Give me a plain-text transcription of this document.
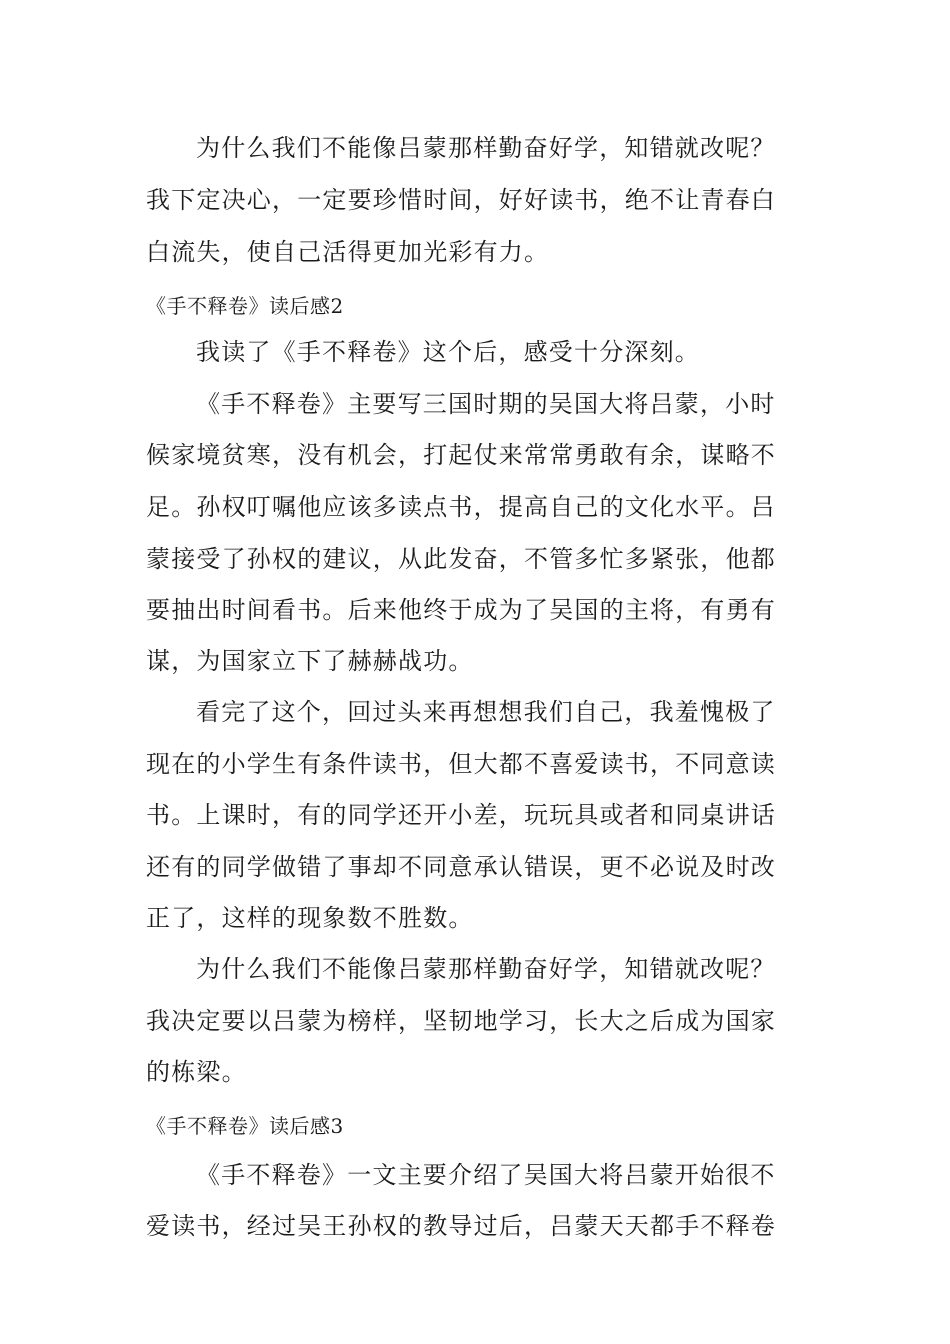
为什么我们不能像吕蒙那样勤奋好学，知错就改呢？
我下定决心，一定要珍惜时间，好好读书，绝不让青春白
白流失，使自己活得更加光彩有力。
《手不释卷》读后感2
我读了《手不释卷》这个后，感受十分深刻。
《手不释卷》主要写三国时期的吴国大将吕蒙，小时
候家境贫寒，没有机会，打起仗来常常勇敢有余，谋略不
足。孙权叮嘱他应该多读点书，提高自己的文化水平。吕
蒙接受了孙权的建议，从此发奋，不管多忙多紧张，他都
要抽出时间看书。后来他终于成为了吴国的主将，有勇有
谋，为国家立下了赫赫战功。
看完了这个，回过头来再想想我们自己，我羞愧极了
现在的小学生有条件读书，但大都不喜爱读书，不同意读
书。上课时，有的同学还开小差，玩玩具或者和同桌讲话
还有的同学做错了事却不同意承认错误，更不必说及时改
正了，这样的现象数不胜数。
为什么我们不能像吕蒙那样勤奋好学，知错就改呢？
我决定要以吕蒙为榜样，坚韧地学习，长大之后成为国家
的栋梁。
《手不释卷》读后感3
《手不释卷》一文主要介绍了吴国大将吕蒙开始很不
爱读书，经过吴王孙权的教导过后，吕蒙天天都手不释卷
